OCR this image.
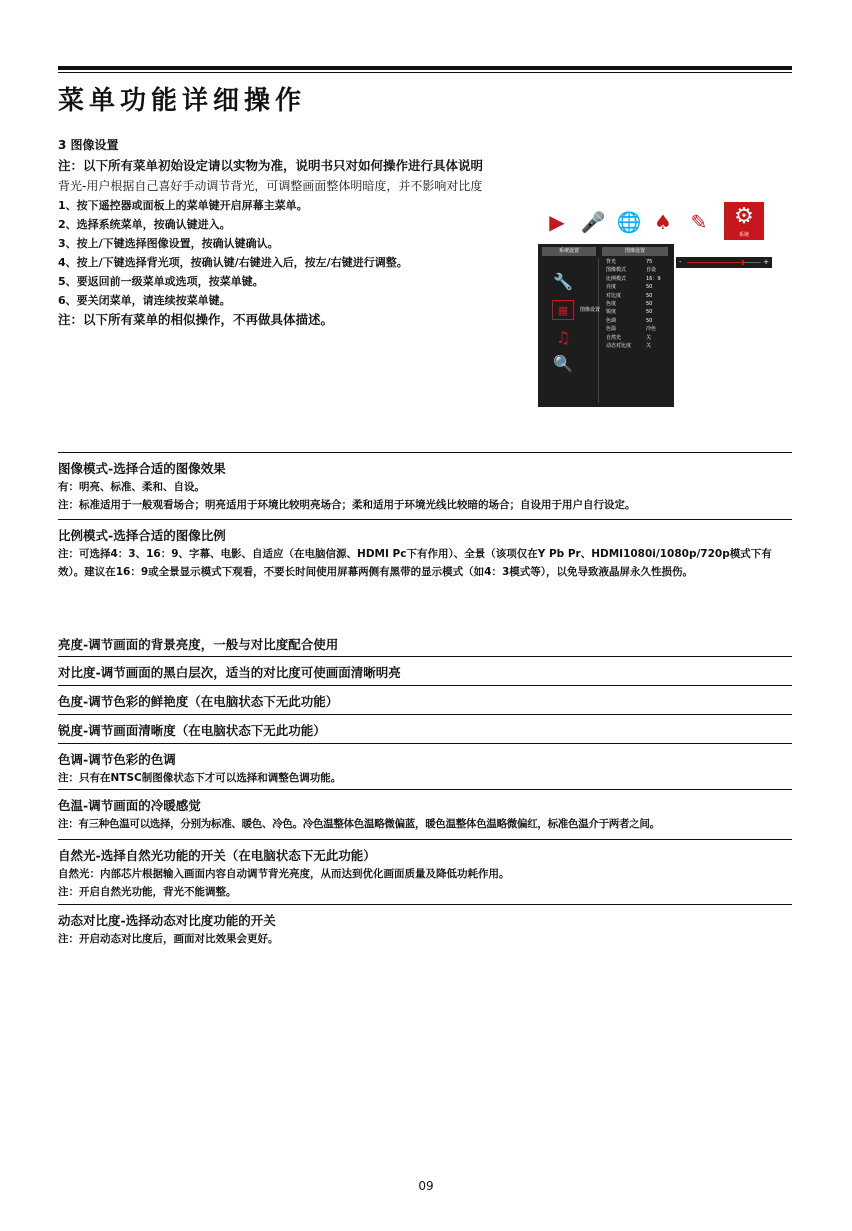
菜单功能详细操作
3 图像设置
注：以下所有菜单初始设定请以实物为准，说明书只对如何操作进行具体说明
背光-用户根据自己喜好手动调节背光，可调整画面整体明暗度，并不影响对比度
1、按下遥控器或面板上的菜单键开启屏幕主菜单。
2、选择系统菜单，按确认键进入。
3、按上/下键选择图像设置，按确认键确认。
4、按上/下键选择背光项，按确认键/右键进入后，按左/右键进行调整。
5、要返回前一级菜单或选项，按菜单键。
6、要关闭菜单，请连续按菜单键。
注：以下所有菜单的相似操作，不再做具体描述。
▶ 🎤 🌐 ♠ ✎	⚙
系统
系统设置	图像设置
🔧
▦	图像设置
♫
🔍
背光	75
图像模式	自设
比例模式	16：9
亮度	50
对比度	50
色度	50
锐度	50
色调	50
色温	冷色
自然光	关
动态对比度	关
-	+
图像模式-选择合适的图像效果
有：明亮、标准、柔和、自设。
注：标准适用于一般观看场合；明亮适用于环境比较明亮场合；柔和适用于环境光线比较暗的场合；自设用于用户自行设定。
比例模式-选择合适的图像比例
注：可选择4：3、16：9、字幕、电影、自适应（在电脑信源、HDMI Pc下有作用）、全景（该项仅在Y Pb Pr、HDMI1080i/1080p/720p模式下有效）。建议在16：9或全景显示模式下观看，不要长时间使用屏幕两侧有黑带的显示模式（如4：3模式等），以免导致液晶屏永久性损伤。
亮度-调节画面的背景亮度，一般与对比度配合使用
对比度-调节画面的黑白层次，适当的对比度可使画面清晰明亮
色度-调节色彩的鲜艳度（在电脑状态下无此功能）
锐度-调节画面清晰度（在电脑状态下无此功能）
色调-调节色彩的色调
注：只有在NTSC制图像状态下才可以选择和调整色调功能。
色温-调节画面的冷暖感觉
注：有三种色温可以选择，分别为标准、暖色、冷色。冷色温整体色温略微偏蓝，暖色温整体色温略微偏红，标准色温介于两者之间。
自然光-选择自然光功能的开关（在电脑状态下无此功能）
自然光：内部芯片根据输入画面内容自动调节背光亮度，从而达到优化画面质量及降低功耗作用。
注：开启自然光功能，背光不能调整。
动态对比度-选择动态对比度功能的开关
注：开启动态对比度后，画面对比效果会更好。
09
